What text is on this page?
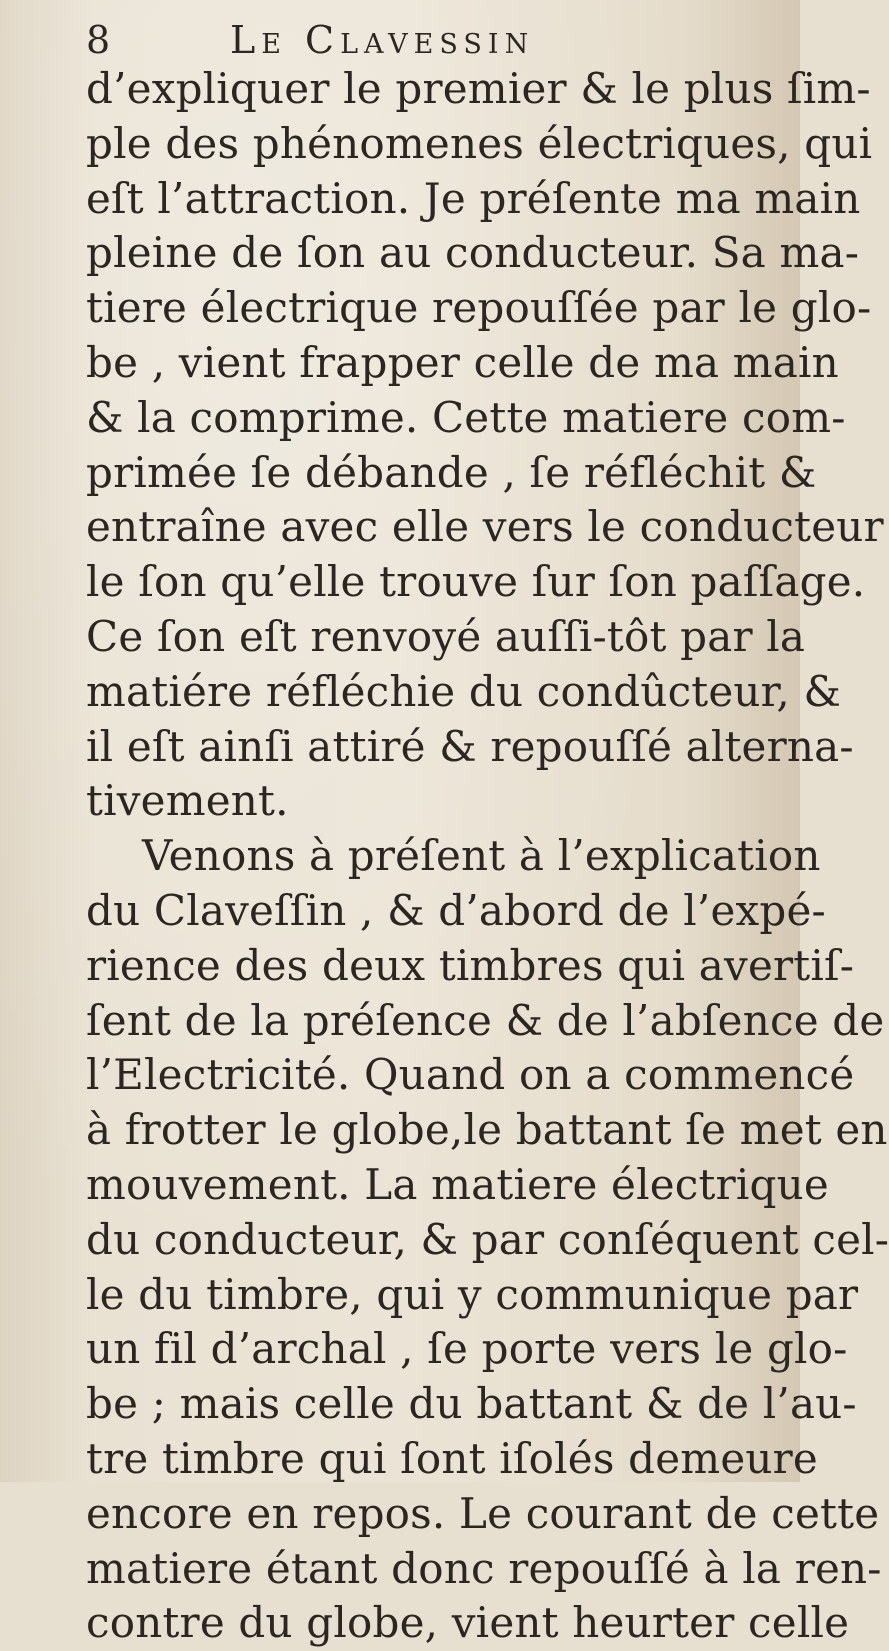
8	Le Clavessin
d’expliquer le premier & le plus ſim-
ple des phénomenes électriques, qui
eſt l’attraction. Je préſente ma main
pleine de ſon au conducteur. Sa ma-
tiere électrique repouſſée par le glo-
be , vient frapper celle de ma main
& la comprime. Cette matiere com-
primée ſe débande , ſe réfléchit &
entraîne avec elle vers le conducteur
le ſon qu’elle trouve ſur ſon paſſage.
Ce ſon eſt renvoyé auſſi-tôt par la
matiére réfléchie du condûcteur, &
il eſt ainſi attiré & repouſſé alterna-
tivement.
Venons à préſent à l’explication
du Claveſſin , & d’abord de l’expé-
rience des deux timbres qui avertiſ-
ſent de la préſence & de l’abſence de
l’Electricité. Quand on a commencé
à frotter le globe,le battant ſe met en
mouvement. La matiere électrique
du conducteur, & par conſéquent cel-
le du timbre, qui y communique par
un fil d’archal , ſe porte vers le glo-
be ; mais celle du battant & de l’au-
tre timbre qui ſont iſolés demeure
encore en repos. Le courant de cette
matiere étant donc repouſſé à la ren-
contre du globe, vient heurter celle
